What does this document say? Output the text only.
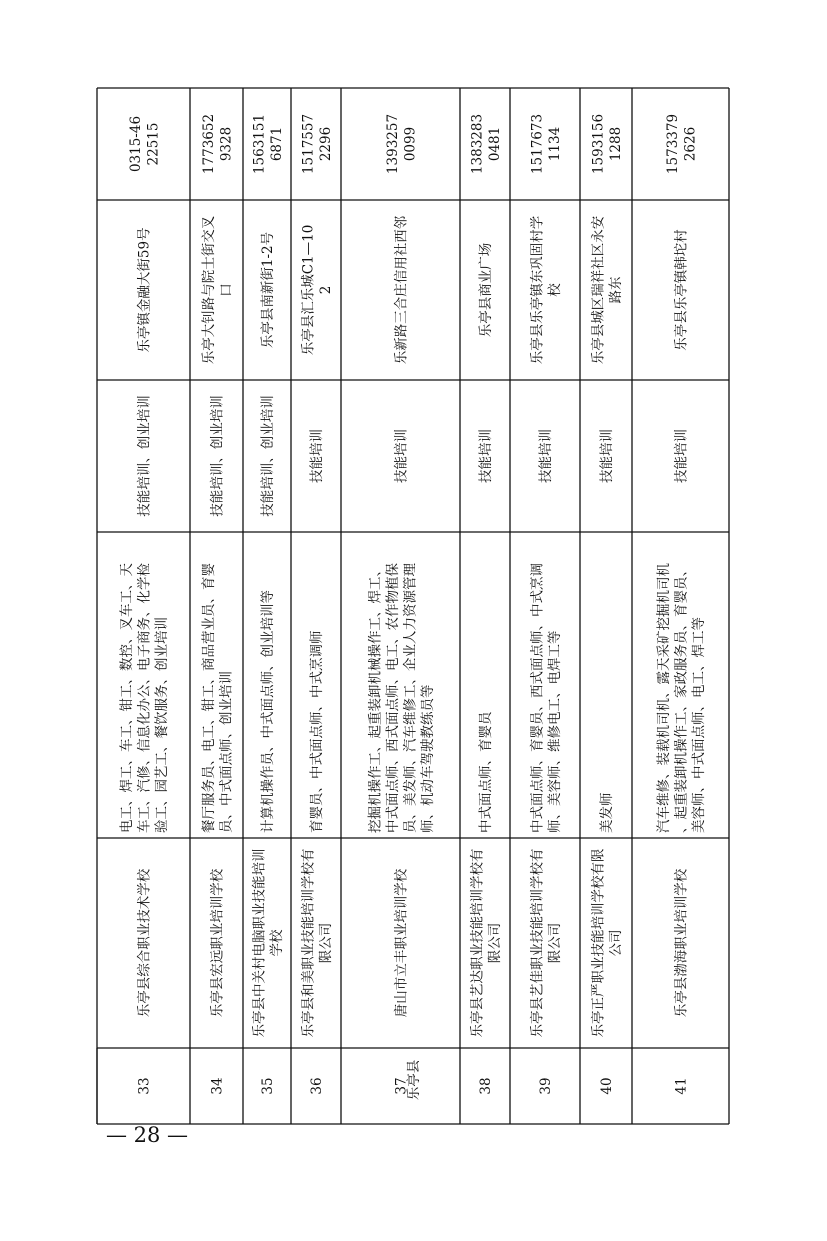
33
乐亭县综合职业技术学校
电工、焊工、车工、钳工、数控、叉车工、天 车工、汽修、信息化办公、电子商务、化学检 验工、园艺工、餐饮服务、创业培训
技能培训、创业培训
乐亭镇金融大街59号
0315-46 22515
34
乐亭县宏远职业培训学校
餐厅服务员、电工、钳工、商品营业员、育婴 员、中式面点师、创业培训
技能培训、创业培训
乐亭大钊路与院士街交叉 口
1773652 9328
35
乐亭县中关村电脑职业技能培训 学校
计算机操作员、中式面点师、创业培训等
技能培训、创业培训
乐亭县南新街1-2号
1563151 6871
36
乐亭县和美职业技能培训学校有 限公司
育婴员、中式面点师、中式烹调师
技能培训
乐亭县汇乐城C1—10 2
1517557 2296
37
唐山市立丰职业培训学校
挖掘机操作工、起重装卸机械操作工、焊工、 中式面点师、西式面点师、电工、农作物植保 员、美发师、汽车维修工、企业人力资源管理 师、机动车驾驶教练员等
技能培训
乐新路三合庄信用社西邻
1393257 0099
38
乐亭县艺达职业技能培训学校有 限公司
中式面点师、育婴员
技能培训
乐亭县商业广场
1383283 0481
39
乐亭县艺佳职业技能培训学校有 限公司
中式面点师、育婴员、西式面点师、中式烹调 师、美容师、维修电工、电焊工等
技能培训
乐亭县乐亭镇东巩固村学 校
1517673 1134
40
乐亭正严职业技能培训学校有限 公司
美发师
技能培训
乐亭县城区瑞祥社区永安 路东
1593156 1288
41
乐亭县渤海职业培训学校
汽车维修、装载机司机、露天采矿挖掘机司机 、起重装卸机操作工、家政服务员、育婴员、 美容师、中式面点师、电工、焊工等
技能培训
乐亭县乐亭镇韩坨村
1573379 2626
乐亭县
— 28 —
